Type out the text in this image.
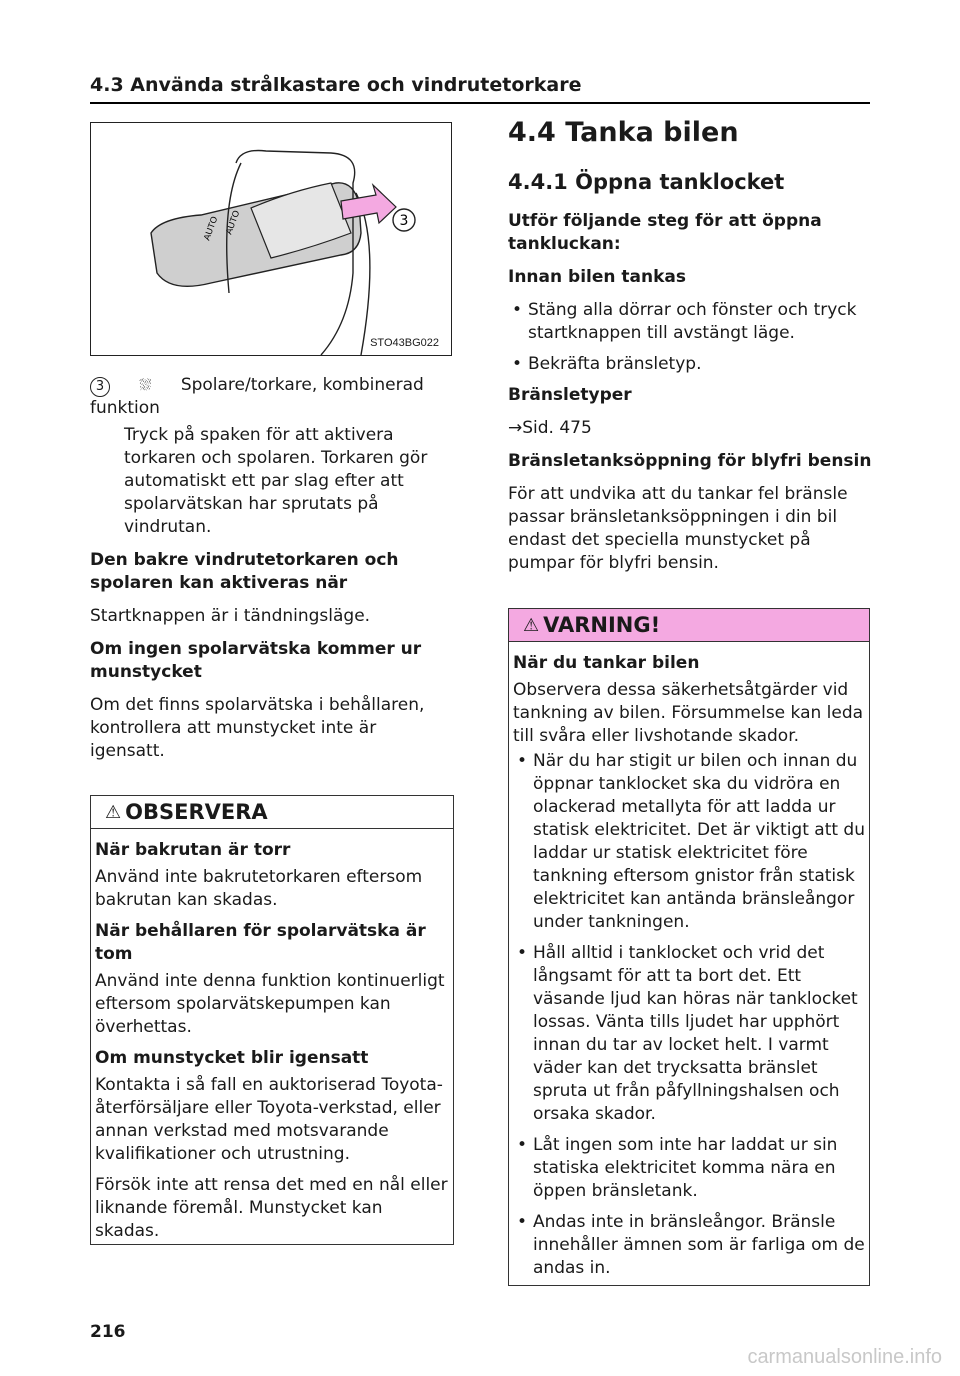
4.3 Använda strålkastare och vindrutetorkare
AUTO AUTO	3
STO43BG022

3 ⛆ Spolare/torkare, kombinerad funktion

Tryck på spaken för att aktivera torkaren och spolaren. Torkaren gör automatiskt ett par slag efter att spolarvätskan har sprutats på vindrutan.

Den bakre vindrutetorkaren och spolaren kan aktiveras när

Startknappen är i tändningsläge.

Om ingen spolarvätska kommer ur munstycket

Om det finns spolarvätska i behållaren, kontrollera att munstycket inte är igensatt.

⚠ OBSERVERA

När bakrutan är torr

Använd inte bakrutetorkaren eftersom bakrutan kan skadas.

När behållaren för spolarvätska är tom

Använd inte denna funktion kontinuerligt eftersom spolarvätskepumpen kan överhettas.

Om munstycket blir igensatt

Kontakta i så fall en auktoriserad Toyota-återförsäljare eller Toyota-verkstad, eller annan verkstad med motsvarande kvalifikationer och utrustning.

Försök inte att rensa det med en nål eller liknande föremål. Munstycket kan skadas.

4.4 Tanka bilen

4.4.1 Öppna tanklocket

Utför följande steg för att öppna tankluckan:

Innan bilen tankas

• Stäng alla dörrar och fönster och tryck startknappen till avstängt läge.
• Bekräfta bränsletyp.

Bränsletyper

→Sid. 475

Bränsletanksöppning för blyfri bensin

För att undvika att du tankar fel bränsle passar bränsletanksöppningen i din bil endast det speciella munstycket på pumpar för blyfri bensin.

⚠ VARNING!

När du tankar bilen

Observera dessa säkerhetsåtgärder vid tankning av bilen. Försummelse kan leda till svåra eller livshotande skador.

• När du har stigit ur bilen och innan du öppnar tanklocket ska du vidröra en olackerad metallyta för att ladda ur statisk elektricitet. Det är viktigt att du laddar ur statisk elektricitet före tankning eftersom gnistor från statisk elektricitet kan antända bränsleångor under tankningen.
• Håll alltid i tanklocket och vrid det långsamt för att ta bort det. Ett väsande ljud kan höras när tanklocket lossas. Vänta tills ljudet har upphört innan du tar av locket helt. I varmt väder kan det trycksatta bränslet spruta ut från påfyllningshalsen och orsaka skador.
• Låt ingen som inte har laddat ur sin statiska elektricitet komma nära en öppen bränsletank.
• Andas inte in bränsleångor. Bränsle innehåller ämnen som är farliga om de andas in.
216
carmanualsonline.info
